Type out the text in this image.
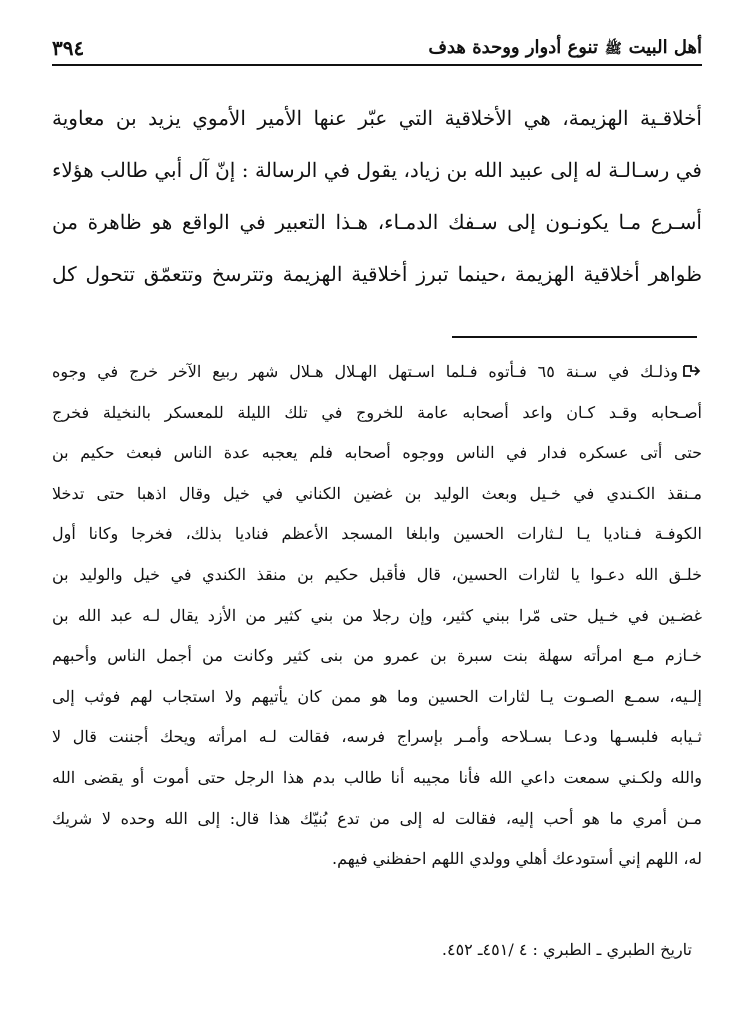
أهل البيت ﷺ تنوع أدوار ووحدة هدف
٣٩٤

أخلاقـية الهزيمة، هي الأخلاقية التي عبّر عنها الأمير الأموي يزيد بن معاوية

في رسـالـة له إلى عبيد الله بن زياد، يقول في الرسالة : إنّ آل أبي طالب هؤلاء

أسـرع مـا يكونـون إلى سـفك الدمـاء، هـذا التعبير في الواقع هو ظاهرة من

ظواهر أخلاقية الهزيمة ،حينما تبرز أخلاقية الهزيمة وتترسخ وتتعمّق تتحول كل

وذلـك في سـنة ٦٥ فـأتوه فـلما اسـتهل الهـلال هـلال شهر ربيع الآخر خرج في وجوه

أصـحابه وقـد كـان واعد أصحابه عامة للخروج في تلك الليلة للمعسكر بالنخيلة فخرج

حتى أتى عسكره فدار في الناس ووجوه أصحابه فلم يعجبه عدة الناس فبعث حكيم بن

مـنقذ الكـندي في خـيل وبعث الوليد بن غضين الكناني في خيل وقال اذهبا حتى تدخلا

الكوفـة فـناديا يـا لـثارات الحسين وابلغا المسجد الأعظم فناديا بذلك، فخرجا وكانا أول

خلـق الله دعـوا يا لثارات الحسين، قال فأقبل حكيم بن منقذ الكندي في خيل والوليد بن

غضـين في خـيل حتى مّرا ببني كثير، وإن رجلا من بني كثير من الأزد يقال لـه عبد الله بن

خـازم مـع امرأته سهلة بنت سبرة بن عمرو من بنى كثير وكانت من أجمل الناس وأحبهم

إلـيه، سمـع الصـوت يـا لثارات الحسين وما هو ممن كان يأتيهم ولا استجاب لهم فوثب إلى

ثـيابه فلبسـها ودعـا بسـلاحه وأمـر بإسراج فرسه، فقالت لـه امرأته ويحك أجننت قال لا

والله ولكـني سمعت داعي الله فأنا مجيبه أنا طالب بدم هذا الرجل حتى أموت أو يقضى الله

مـن أمري ما هو أحب إليه، فقالت له إلى من تدع بُنيّك هذا قال: إلى الله وحده لا شريك

له، اللهم إني أستودعك أهلي وولدي اللهم احفظني فيهم.

تاريخ الطبري ـ الطبري : ٤ /٤٥١ـ ٤٥٢.
